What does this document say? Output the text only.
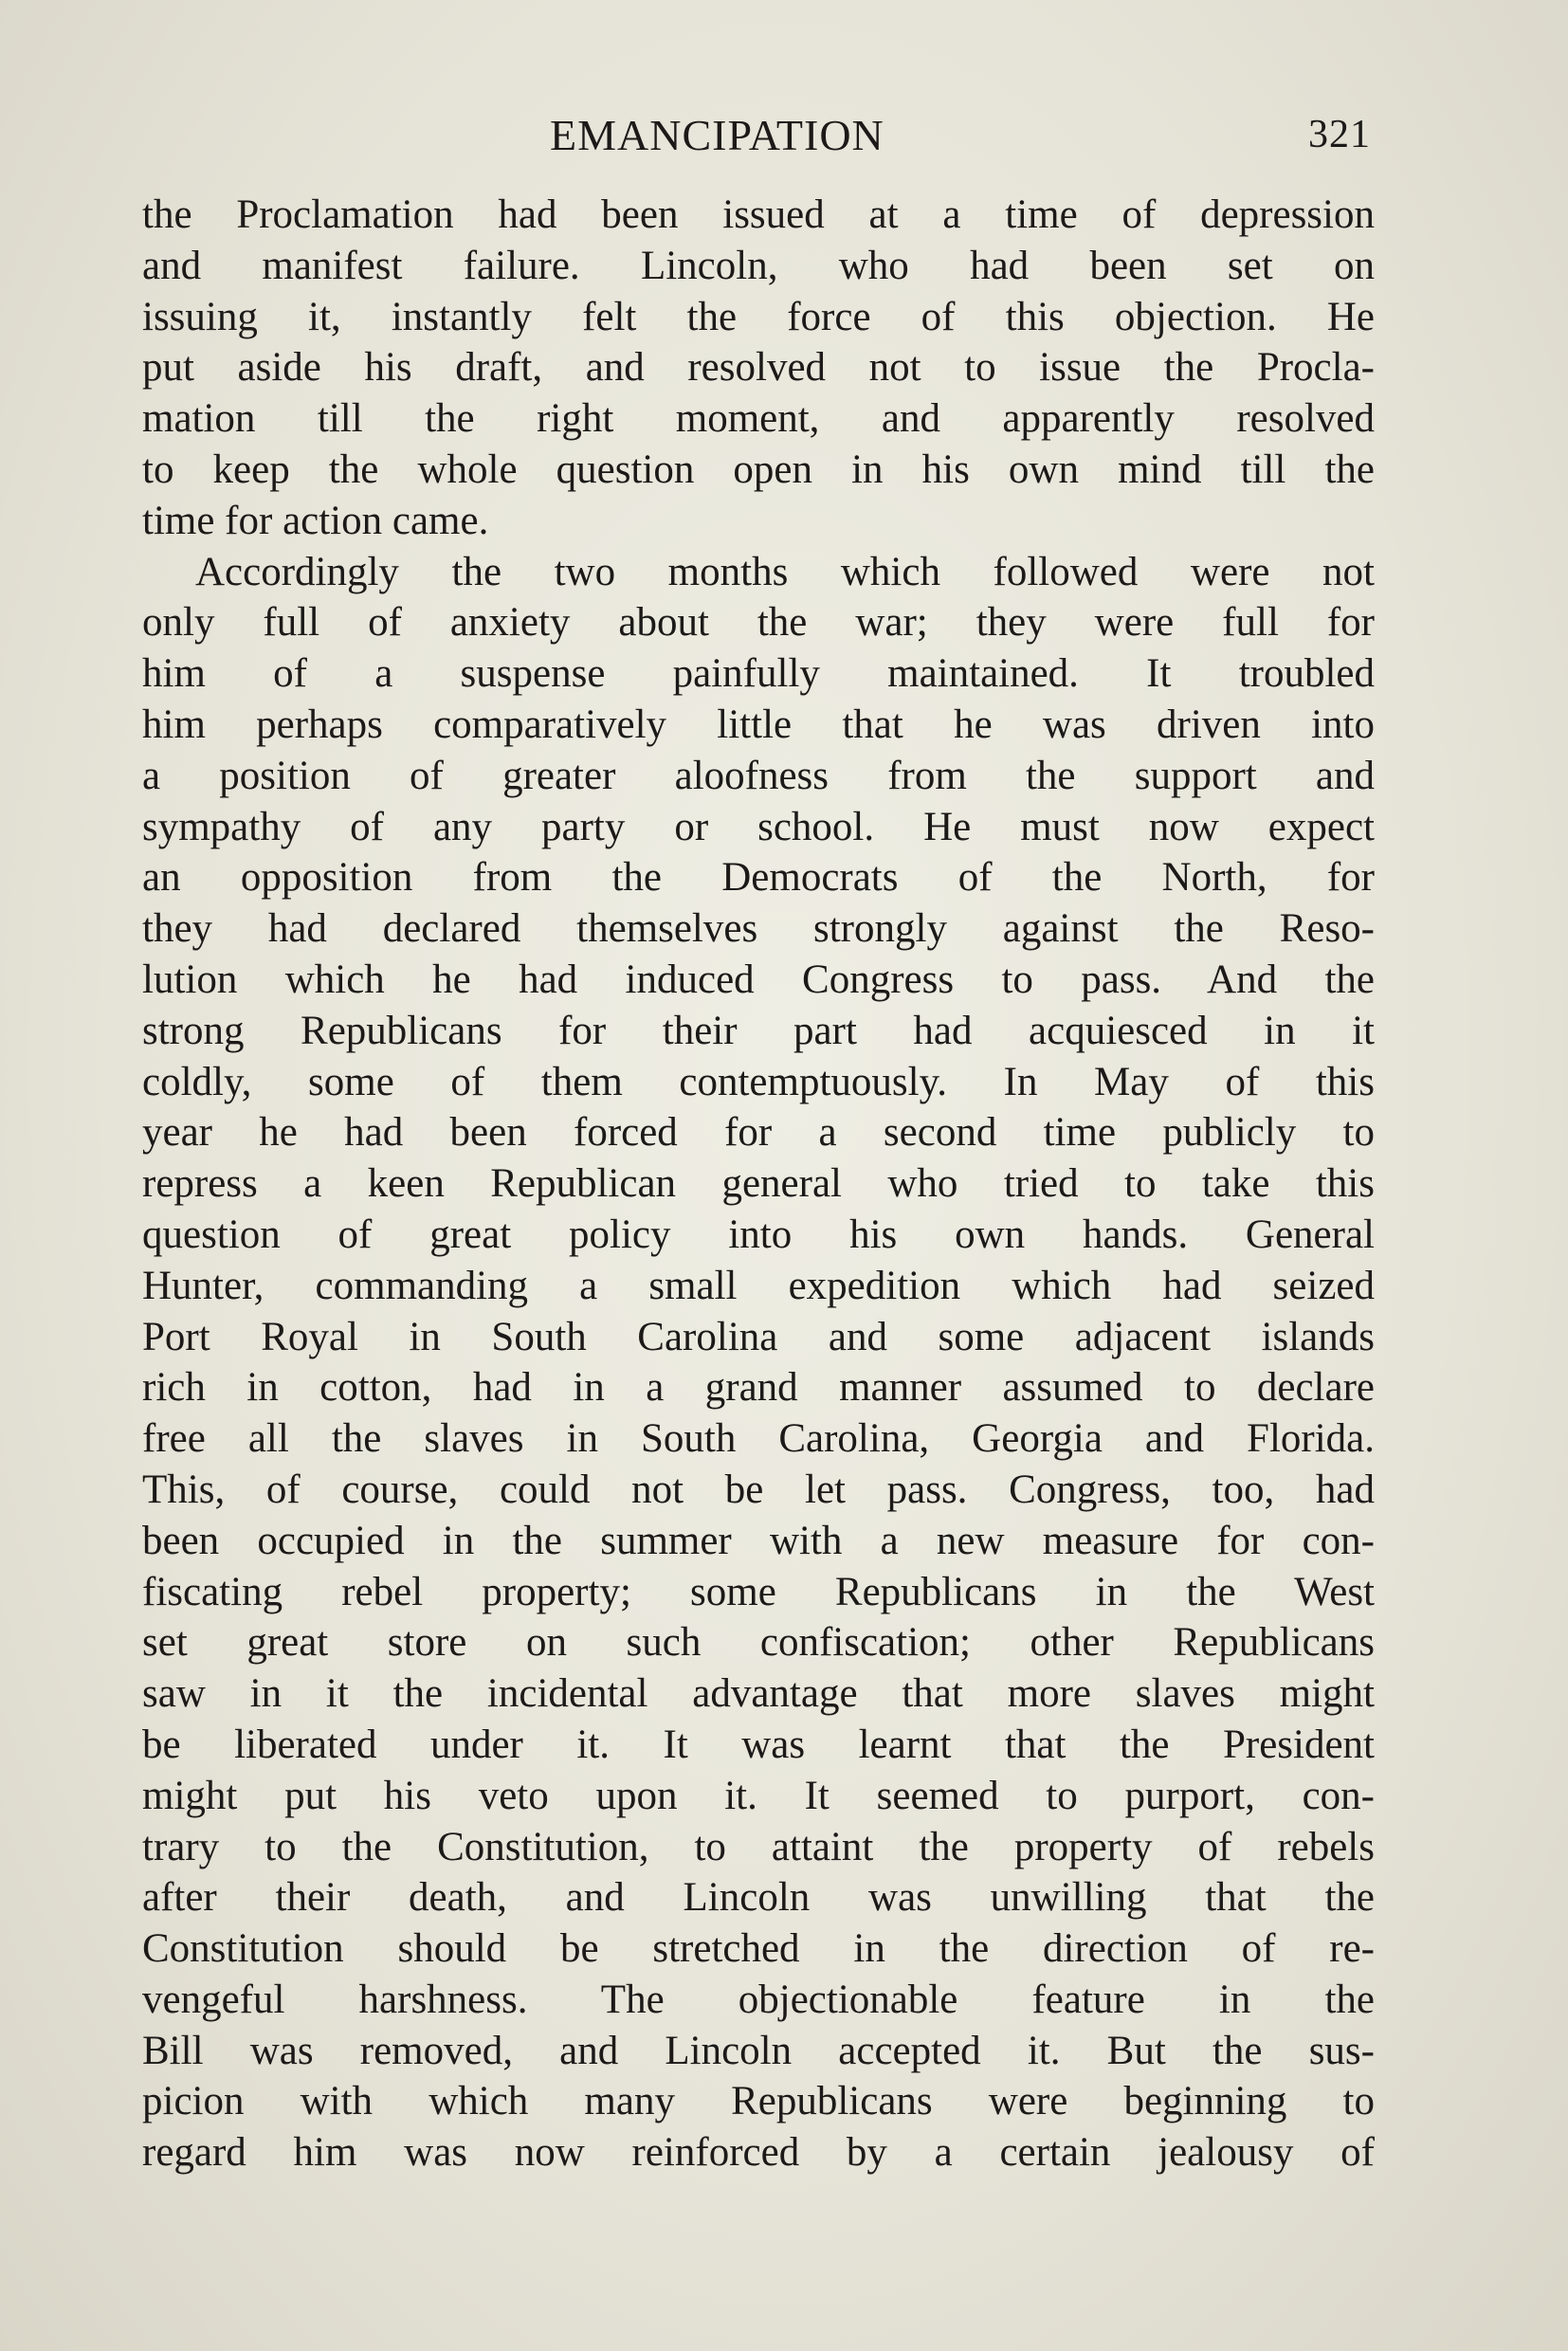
EMANCIPATION	321
the Proclamation had been issued at a time of depression
and manifest failure. Lincoln, who had been set on
issuing it, instantly felt the force of this objection. He
put aside his draft, and resolved not to issue the Procla-
mation till the right moment, and apparently resolved
to keep the whole question open in his own mind till the
time for action came.
Accordingly the two months which followed were not
only full of anxiety about the war; they were full for
him of a suspense painfully maintained. It troubled
him perhaps comparatively little that he was driven into
a position of greater aloofness from the support and
sympathy of any party or school. He must now expect
an opposition from the Democrats of the North, for
they had declared themselves strongly against the Reso-
lution which he had induced Congress to pass. And the
strong Republicans for their part had acquiesced in it
coldly, some of them contemptuously. In May of this
year he had been forced for a second time publicly to
repress a keen Republican general who tried to take this
question of great policy into his own hands. General
Hunter, commanding a small expedition which had seized
Port Royal in South Carolina and some adjacent islands
rich in cotton, had in a grand manner assumed to declare
free all the slaves in South Carolina, Georgia and Florida.
This, of course, could not be let pass. Congress, too, had
been occupied in the summer with a new measure for con-
fiscating rebel property; some Republicans in the West
set great store on such confiscation; other Republicans
saw in it the incidental advantage that more slaves might
be liberated under it. It was learnt that the President
might put his veto upon it. It seemed to purport, con-
trary to the Constitution, to attaint the property of rebels
after their death, and Lincoln was unwilling that the
Constitution should be stretched in the direction of re-
vengeful harshness. The objectionable feature in the
Bill was removed, and Lincoln accepted it. But the sus-
picion with which many Republicans were beginning to
regard him was now reinforced by a certain jealousy of
